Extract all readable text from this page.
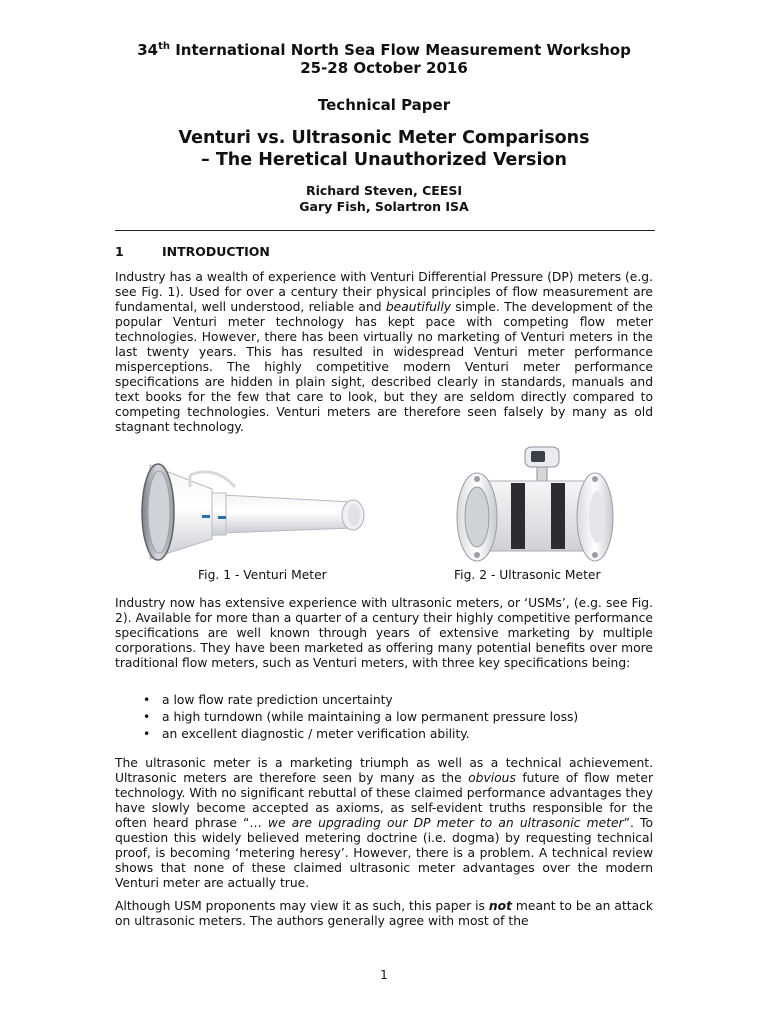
34th International North Sea Flow Measurement Workshop
25-28 October 2016
Technical Paper
Venturi vs. Ultrasonic Meter Comparisons
– The Heretical Unauthorized Version
Richard Steven, CEESI
Gary Fish, Solartron ISA
1	INTRODUCTION

Industry has a wealth of experience with Venturi Differential Pressure (DP) meters (e.g. see Fig. 1). Used for over a century their physical principles of flow measurement are fundamental, well understood, reliable and beautifully simple. The development of the popular Venturi meter technology has kept pace with competing flow meter technologies. However, there has been virtually no marketing of Venturi meters in the last twenty years. This has resulted in widespread Venturi meter performance misperceptions. The highly competitive modern Venturi meter performance specifications are hidden in plain sight, described clearly in standards, manuals and text books for the few that care to look, but they are seldom directly compared to competing technologies. Venturi meters are therefore seen falsely by many as old stagnant technology.

Fig. 1 - Venturi Meter	Fig. 2 - Ultrasonic Meter

Industry now has extensive experience with ultrasonic meters, or ‘USMs’, (e.g. see Fig. 2). Available for more than a quarter of a century their highly competitive performance specifications are well known through years of extensive marketing by multiple corporations. They have been marketed as offering many potential benefits over more traditional flow meters, such as Venturi meters, with three key specifications being:

• a low flow rate prediction uncertainty
• a high turndown (while maintaining a low permanent pressure loss)
• an excellent diagnostic / meter verification ability.

The ultrasonic meter is a marketing triumph as well as a technical achievement. Ultrasonic meters are therefore seen by many as the obvious future of flow meter technology. With no significant rebuttal of these claimed performance advantages they have slowly become accepted as axioms, as self-evident truths responsible for the often heard phrase “… we are upgrading our DP meter to an ultrasonic meter”. To question this widely believed metering doctrine (i.e. dogma) by requesting technical proof, is becoming ‘metering heresy’. However, there is a problem. A technical review shows that none of these claimed ultrasonic meter advantages over the modern Venturi meter are actually true.

Although USM proponents may view it as such, this paper is not meant to be an attack on ultrasonic meters. The authors generally agree with most of the

1
